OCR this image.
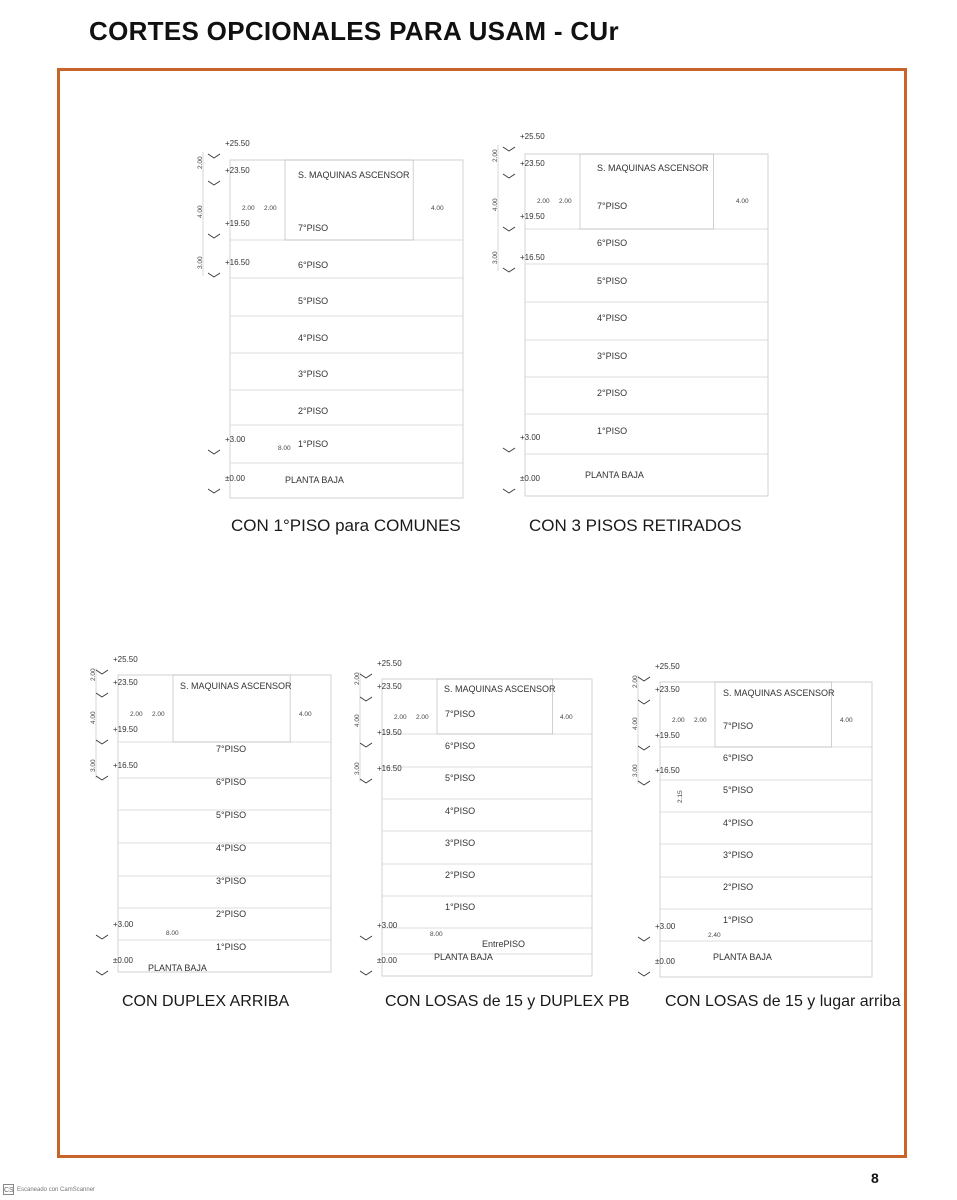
CORTES OPCIONALES PARA USAM - CUr
+25.50
+23.50
+19.50
+16.50
+3.00
±0.00
S. MAQUINAS ASCENSOR
7°PISO
6°PISO
5°PISO
4°PISO
3°PISO
2°PISO
1°PISO
PLANTA BAJA
2.00
4.00
3.00
2.00 2.00	4.00
8.00
+25.50
+23.50
+19.50
+16.50
+3.00
±0.00
S. MAQUINAS ASCENSOR
7°PISO
6°PISO
5°PISO
4°PISO
3°PISO
2°PISO
1°PISO
PLANTA BAJA
2.00
4.00
3.00
2.00 2.00	4.00
+25.50
+23.50
+19.50
+16.50
+3.00
±0.00
S. MAQUINAS ASCENSOR
7°PISO
6°PISO
5°PISO
4°PISO
3°PISO
2°PISO
1°PISO
PLANTA BAJA
2.00
4.00
3.00
2.00 2.00	4.00
8.00
+25.50
+23.50
+19.50
+16.50
+3.00
±0.00
S. MAQUINAS ASCENSOR
7°PISO
6°PISO
5°PISO
4°PISO
3°PISO
2°PISO
1°PISO
EntrePISO
PLANTA BAJA
2.00
4.00
3.00
2.00 2.00	4.00
8.00
+25.50
+23.50
+19.50
+16.50
+3.00
±0.00
S. MAQUINAS ASCENSOR
7°PISO
6°PISO
5°PISO
4°PISO
3°PISO
2°PISO
1°PISO
PLANTA BAJA
2.00
4.00
3.00
2.00 2.00	4.00
2.40
2.15
CON 1°PISO para COMUNES	CON 3 PISOS RETIRADOS
CON DUPLEX ARRIBA	CON LOSAS de 15 y DUPLEX PB CON LOSAS de 15 y lugar arriba
8
CS Escaneado con CamScanner
